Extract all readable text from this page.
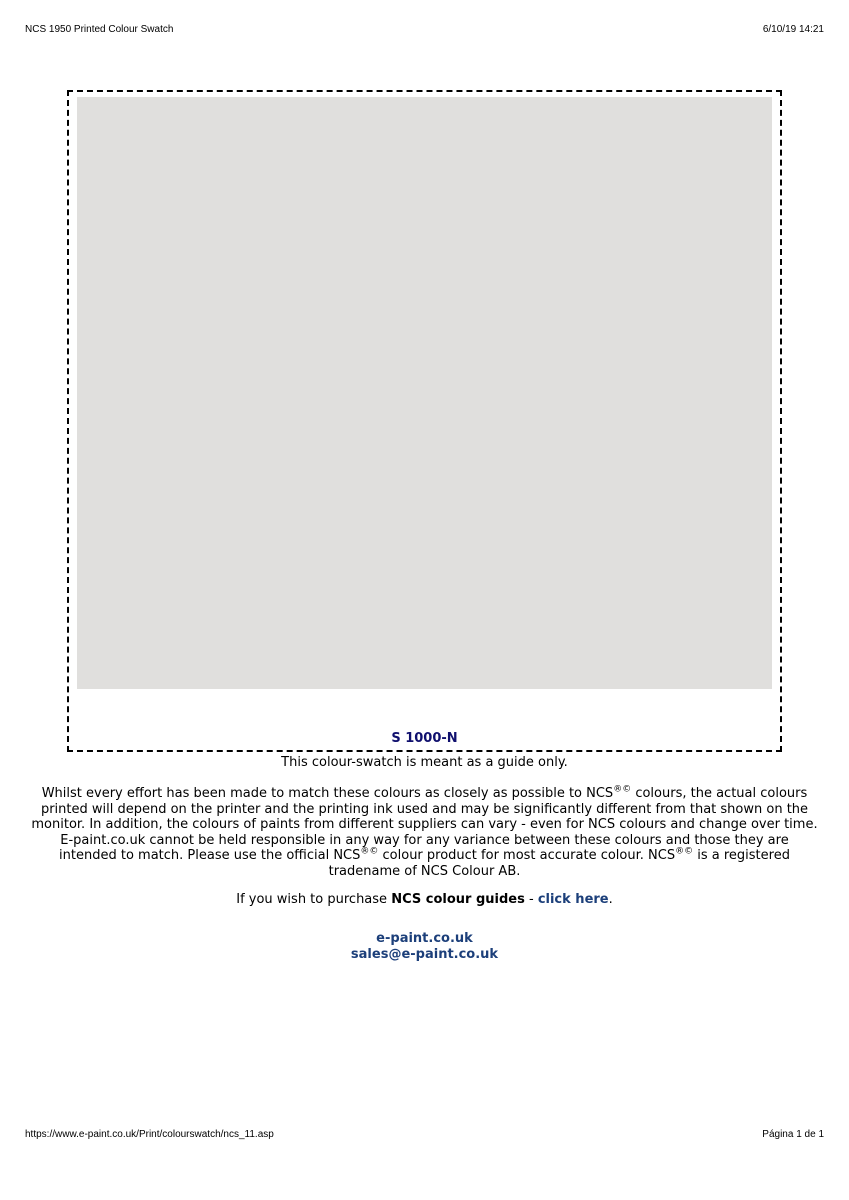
NCS 1950 Printed Colour Swatch	6/10/19 14:21
S 1000-N
This colour-swatch is meant as a guide only.
Whilst every effort has been made to match these colours as closely as possible to NCS®© colours, the actual colours printed will depend on the printer and the printing ink used and may be significantly different from that shown on the monitor. In addition, the colours of paints from different suppliers can vary - even for NCS colours and change over time. E-paint.co.uk cannot be held responsible in any way for any variance between these colours and those they are intended to match. Please use the official NCS®© colour product for most accurate colour. NCS®© is a registered tradename of NCS Colour AB.
If you wish to purchase NCS colour guides - click here.
e-paint.co.uk
sales@e-paint.co.uk
https://www.e-paint.co.uk/Print/colourswatch/ncs_11.asp	Página 1 de 1
